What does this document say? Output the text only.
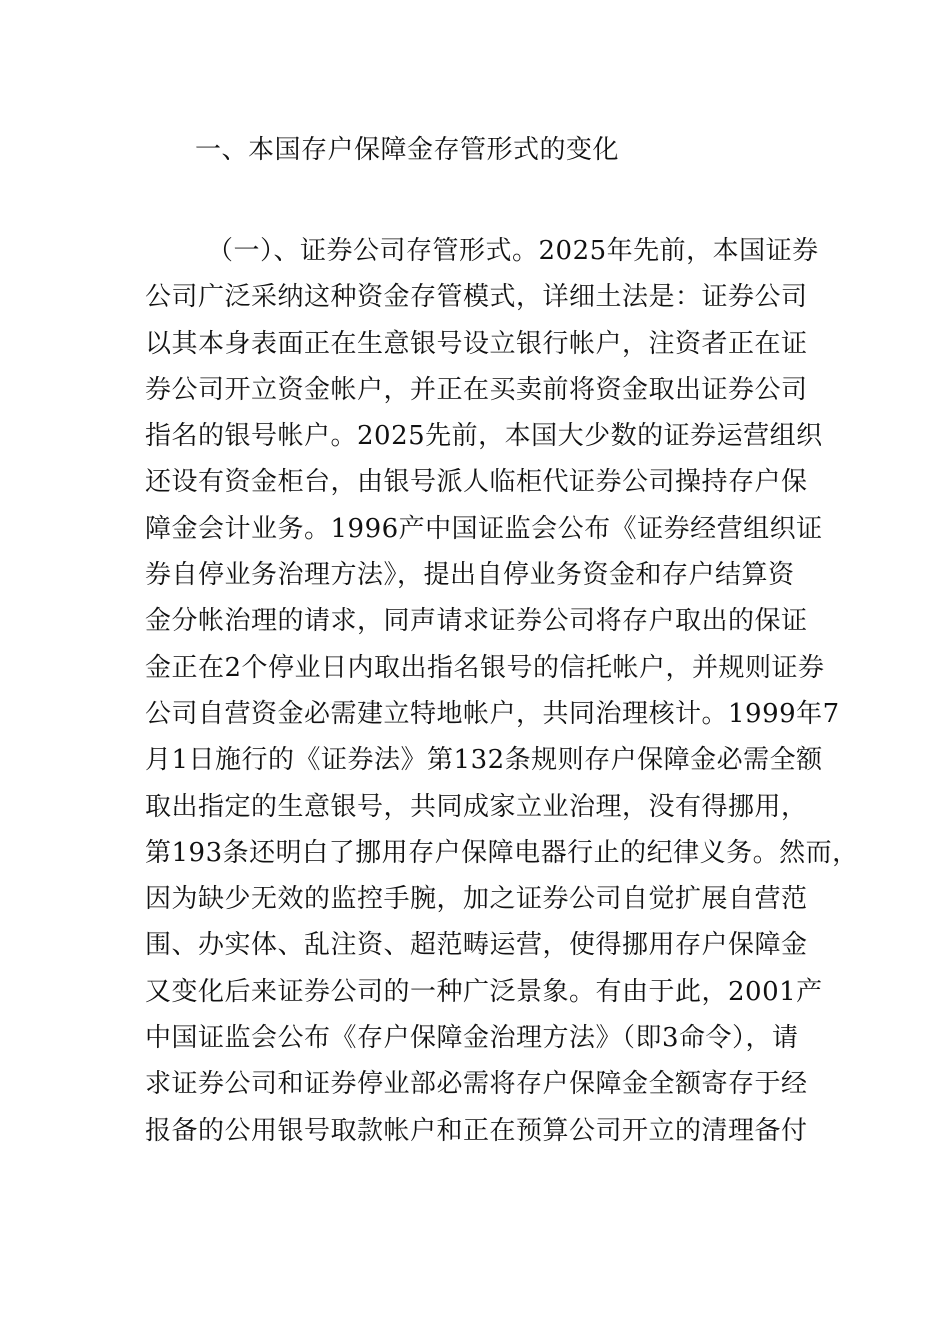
一、本国存户保障金存管形式的变化
（一）、证券公司存管形式。2025年先前，本国证券
公司广泛采纳这种资金存管模式，详细土法是：证券公司
以其本身表面正在生意银号设立银行帐户，注资者正在证
券公司开立资金帐户，并正在买卖前将资金取出证券公司
指名的银号帐户。2025先前，本国大少数的证券运营组织
还设有资金柜台，由银号派人临柜代证券公司操持存户保
障金会计业务。1996产中国证监会公布《证券经营组织证
券自停业务治理方法》，提出自停业务资金和存户结算资
金分帐治理的请求，同声请求证券公司将存户取出的保证
金正在2个停业日内取出指名银号的信托帐户，并规则证券
公司自营资金必需建立特地帐户，共同治理核计。1999年7
月1日施行的《证券法》第132条规则存户保障金必需全额
取出指定的生意银号，共同成家立业治理，没有得挪用，
第193条还明白了挪用存户保障电器行止的纪律义务。然而，
因为缺少无效的监控手腕，加之证券公司自觉扩展自营范
围、办实体、乱注资、超范畴运营，使得挪用存户保障金
又变化后来证券公司的一种广泛景象。有由于此，2001产
中国证监会公布《存户保障金治理方法》（即3命令），请
求证券公司和证券停业部必需将存户保障金全额寄存于经
报备的公用银号取款帐户和正在预算公司开立的清理备付
